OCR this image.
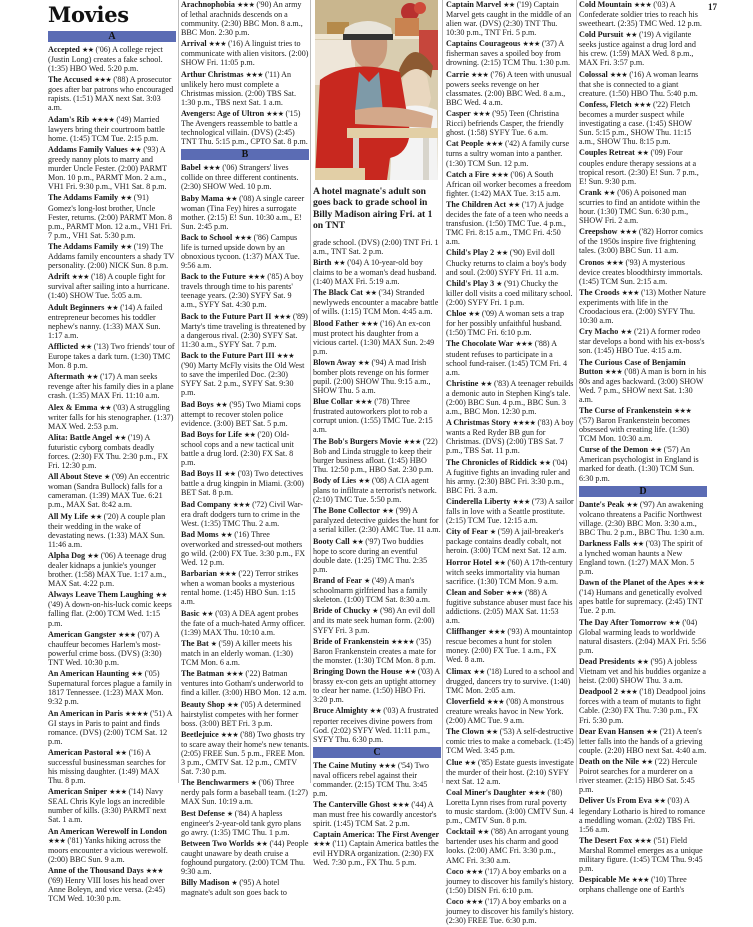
17
Movies
A
Accepted ★★ ('06) A college reject (Justin Long) creates a fake school. (1:35) HBO Wed. 5:20 p.m.
The Accused ★★★ ('88) A prosecutor goes after bar patrons who encouraged rapists. (1:51) MAX next Sat. 3:03 a.m.
Adam's Rib ★★★★ ('49) Married lawyers bring their courtroom battle home. (1:45) TCM Tue. 2:15 p.m.
Addams Family Values ★★ ('93) A greedy nanny plots to marry and murder Uncle Fester. (2:00) PARMT Mon. 10 p.m., PARMT Mon. 2 a.m., VH1 Fri. 9:30 p.m., VH1 Sat. 8 p.m.
The Addams Family ★★ ('91) Gomez's long-lost brother, Uncle Fester, returns. (2:00) PARMT Mon. 8 p.m., PARMT Mon. 12 a.m., VH1 Fri. 7 p.m., VH1 Sat. 5:30 p.m.
The Addams Family ★★ ('19) The Addams family encounters a shady TV personality. (2:00) NICK Sun. 8 p.m.
Adrift ★★★ ('18) A couple fight for survival after sailing into a hurricane. (1:40) SHOW Tue. 5:05 a.m.
Adult Beginners ★★ ('14) A failed entrepreneur becomes his toddler nephew's nanny. (1:33) MAX Sun. 1:17 a.m.
Afflicted ★★ ('13) Two friends' tour of Europe takes a dark turn. (1:30) TMC Mon. 8 p.m.
Aftermath ★★ ('17) A man seeks revenge after his family dies in a plane crash. (1:35) MAX Fri. 11:10 a.m.
Alex & Emma ★★ ('03) A struggling writer falls for his stenographer. (1:37) MAX Wed. 2:53 p.m.
Alita: Battle Angel ★★ ('19) A futuristic cyborg combats deadly forces. (2:30) FX Thu. 2:30 p.m., FX Fri. 12:30 p.m.
All About Steve ★ ('09) An eccentric woman (Sandra Bullock) falls for a cameraman. (1:39) MAX Tue. 6:21 p.m., MAX Sat. 8:42 a.m.
All My Life ★★ ('20) A couple plan their wedding in the wake of devastating news. (1:33) MAX Sun. 11:46 a.m.
Alpha Dog ★★ ('06) A teenage drug dealer kidnaps a junkie's younger brother. (1:58) MAX Tue. 1:17 a.m., MAX Sat. 4:22 p.m.
Always Leave Them Laughing ★★ ('49) A down-on-his-luck comic keeps falling flat. (2:00) TCM Wed. 1:15 p.m.
American Gangster ★★★ ('07) A chauffeur becomes Harlem's most-powerful crime boss. (DVS) (3:30) TNT Wed. 10:30 p.m.
An American Haunting ★★ ('05) Supernatural forces plague a family in 1817 Tennessee. (1:23) MAX Mon. 9:32 p.m.
An American in Paris ★★★★ ('51) A GI stays in Paris to paint and finds romance. (DVS) (2:00) TCM Sat. 12 p.m.
American Pastoral ★★ ('16) A successful businessman searches for his missing daughter. (1:49) MAX Thu. 8 p.m.
American Sniper ★★★ ('14) Navy SEAL Chris Kyle logs an incredible number of kills. (3:30) PARMT next Sat. 1 a.m.
An American Werewolf in London ★★★ ('81) Yanks hiking across the moors encounter a vicious werewolf. (2:00) BBC Sun. 9 a.m.
Anne of the Thousand Days ★★★ ('69) Henry VIII loses his head over Anne Boleyn, and vice versa. (2:45) TCM Wed. 10:30 p.m.
Arachnophobia ★★★ ('90) An army of lethal arachnids descends on a community. (2:30) BBC Mon. 8 a.m., BBC Mon. 2:30 p.m.
Arrival ★★★ ('16) A linguist tries to communicate with alien visitors. (2:00) SHOW Fri. 11:05 p.m.
Arthur Christmas ★★★ ('11) An unlikely hero must complete a Christmas mission. (2:00) TBS Sat. 1:30 p.m., TBS next Sat. 1 a.m.
Avengers: Age of Ultron ★★★ ('15) The Avengers reassemble to battle a technological villain. (DVS) (2:45) TNT Thu. 5:15 p.m., CPTO Sat. 8 p.m.
B
Babel ★★★ ('06) Strangers' lives collide on three different continents. (2:30) SHOW Wed. 10 p.m.
Baby Mama ★★ ('08) A single career woman (Tina Fey) hires a surrogate mother. (2:15) E! Sun. 10:30 a.m., E! Sun. 2:45 p.m.
Back to School ★★★ ('86) Campus life is turned upside down by an obnoxious tycoon. (1:37) MAX Tue. 9:56 a.m.
Back to the Future ★★★ ('85) A boy travels through time to his parents' teenage years. (2:30) SYFY Sat. 9 a.m., SYFY Sat. 4:30 p.m.
Back to the Future Part II ★★★ ('89) Marty's time traveling is threatened by a dangerous rival. (2:30) SYFY Sat. 11:30 a.m., SYFY Sat. 7 p.m.
Back to the Future Part III ★★★ ('90) Marty McFly visits the Old West to save the imperiled Doc. (2:30) SYFY Sat. 2 p.m., SYFY Sat. 9:30 p.m.
Bad Boys ★★ ('95) Two Miami cops attempt to recover stolen police evidence. (3:00) BET Sat. 5 p.m.
Bad Boys for Life ★★ ('20) Old-school cops and a new tactical unit battle a drug lord. (2:30) FX Sat. 8 p.m.
Bad Boys II ★★ ('03) Two detectives battle a drug kingpin in Miami. (3:00) BET Sat. 8 p.m.
Bad Company ★★★ ('72) Civil War-era draft dodgers turn to crime in the West. (1:35) TMC Thu. 2 a.m.
Bad Moms ★★ ('16) Three overworked and stressed-out mothers go wild. (2:00) FX Tue. 3:30 p.m., FX Wed. 12 p.m.
Barbarian ★★★ ('22) Terror strikes when a woman books a mysterious rental home. (1:45) HBO Sun. 1:15 a.m.
Basic ★★ ('03) A DEA agent probes the fate of a much-hated Army officer. (1:39) MAX Thu. 10:10 a.m.
The Bat ★ ('59) A killer meets his match in an elderly woman. (1:30) TCM Mon. 6 a.m.
The Batman ★★★ ('22) Batman ventures into Gotham's underworld to find a killer. (3:00) HBO Mon. 12 a.m.
Beauty Shop ★★ ('05) A determined hairstylist competes with her former boss. (3:00) BET Fri. 3 p.m.
Beetlejuice ★★★ ('88) Two ghosts try to scare away their home's new tenants. (2:05) FREE Sun. 5 p.m., FREE Mon. 3 p.m., CMTV Sat. 12 p.m., CMTV Sat. 7:30 p.m.
The Benchwarmers ★ ('06) Three nerdy pals form a baseball team. (1:27) MAX Sun. 10:19 a.m.
Best Defense ★ ('84) A hapless engineer's 2-year-old tank gyro plans go awry. (1:35) TMC Thu. 1 p.m.
Between Two Worlds ★★ ('44) People caught unaware by death cruise a foghound purgatory. (2:00) TCM Thu. 9:30 a.m.
Billy Madison ★ ('95) A hotel magnate's adult son goes back to
A hotel magnate's adult son goes back to grade school in Billy Madison airing Fri. at 1 on TNT
grade school. (DVS) (2:00) TNT Fri. 1 a.m., TNT Sat. 2 p.m.
Birth ★★ ('04) A 10-year-old boy claims to be a woman's dead husband. (1:40) MAX Fri. 5:19 a.m.
The Black Cat ★★ ('34) Stranded newlyweds encounter a macabre battle of wills. (1:15) TCM Mon. 4:45 a.m.
Blood Father ★★★ ('16) An ex-con must protect his daughter from a vicious cartel. (1:30) MAX Sun. 2:49 p.m.
Blown Away ★★ ('94) A mad Irish bomber plots revenge on his former pupil. (2:00) SHOW Thu. 9:15 a.m., SHOW Thu. 5 a.m.
Blue Collar ★★★ ('78) Three frustrated autoworkers plot to rob a corrupt union. (1:55) TMC Tue. 2:15 a.m.
The Bob's Burgers Movie ★★★ ('22) Bob and Linda struggle to keep their burger business afloat. (1:45) HBO Thu. 12:50 p.m., HBO Sat. 2:30 p.m.
Body of Lies ★★ ('08) A CIA agent plans to infiltrate a terrorist's network. (2:10) TMC Tue. 5:50 p.m.
The Bone Collector ★★ ('99) A paralyzed detective guides the hunt for a serial killer. (2:30) AMC Tue. 11 a.m.
Booty Call ★★ ('97) Two buddies hope to score during an eventful double date. (1:25) TMC Thu. 2:35 p.m.
Brand of Fear ★ ('49) A man's schoolmarm girlfriend has a family skeleton. (1:00) TCM Sat. 8:30 a.m.
Bride of Chucky ★ ('98) An evil doll and its mate seek human form. (2:00) SYFY Fri. 3 p.m.
Bride of Frankenstein ★★★★ ('35) Baron Frankenstein creates a mate for the monster. (1:30) TCM Mon. 8 p.m.
Bringing Down the House ★★ ('03) A brassy ex-con gets an uptight attorney to clear her name. (1:50) HBO Fri. 3:20 p.m.
Bruce Almighty ★★ ('03) A frustrated reporter receives divine powers from God. (2:02) SYFY Wed. 11:11 p.m., SYFY Thu. 6:30 p.m.
C
The Caine Mutiny ★★★ ('54) Two naval officers rebel against their commander. (2:15) TCM Thu. 3:45 p.m.
The Canterville Ghost ★★★ ('44) A man must free his cowardly ancestor's spirit. (1:45) TCM Sat. 2 p.m.
Captain America: The First Avenger ★★★ ('11) Captain America battles the evil HYDRA organization. (2:30) FX Wed. 7:30 p.m., FX Thu. 5 p.m.
Captain Marvel ★★ ('19) Captain Marvel gets caught in the middle of an alien war. (DVS) (2:30) TNT Thu. 10:30 p.m., TNT Fri. 5 p.m.
Captains Courageous ★★★ ('37) A fisherman saves a spoiled boy from drowning. (2:15) TCM Thu. 1:30 p.m.
Carrie ★★★ ('76) A teen with unusual powers seeks revenge on her classmates. (2:00) BBC Wed. 8 a.m., BBC Wed. 4 a.m.
Casper ★★★ ('95) Teen (Christina Ricci) befriends Casper, the friendly ghost. (1:58) SYFY Tue. 6 a.m.
Cat People ★★★ ('42) A family curse turns a sultry woman into a panther. (1:30) TCM Sun. 12 p.m.
Catch a Fire ★★★ ('06) A South African oil worker becomes a freedom fighter. (1:42) MAX Tue. 3:15 a.m.
The Children Act ★★ ('17) A judge decides the fate of a teen who needs a transfusion. (1:50) TMC Tue. 4 p.m., TMC Fri. 8:15 a.m., TMC Fri. 4:50 a.m.
Child's Play 2 ★★ ('90) Evil doll Chucky returns to claim a boy's body and soul. (2:00) SYFY Fri. 11 a.m.
Child's Play 3 ★ ('91) Chucky the killer doll visits a coed military school. (2:00) SYFY Fri. 1 p.m.
Chloe ★★ ('09) A woman sets a trap for her possibly unfaithful husband. (1:50) TMC Fri. 6:10 p.m.
The Chocolate War ★★★ ('88) A student refuses to participate in a school fund-raiser. (1:45) TCM Fri. 4 a.m.
Christine ★★ ('83) A teenager rebuilds a demonic auto in Stephen King's tale. (2:00) BBC Sun. 4 p.m., BBC Sun. 3 a.m., BBC Mon. 12:30 p.m.
A Christmas Story ★★★★ ('83) A boy wants a Red Ryder BB gun for Christmas. (DVS) (2:00) TBS Sat. 7 p.m., TBS Sat. 11 p.m.
The Chronicles of Riddick ★★ ('04) A fugitive fights an invading ruler and his army. (2:30) BBC Fri. 3:30 p.m., BBC Fri. 3 a.m.
Cinderella Liberty ★★★ ('73) A sailor falls in love with a Seattle prostitute. (2:15) TCM Tue. 12:15 a.m.
City of Fear ★ ('59) A jail-breaker's package contains deadly cobalt, not heroin. (3:00) TCM next Sat. 12 a.m.
Horror Hotel ★★ ('60) A 17th-century witch seeks immortality via human sacrifice. (1:30) TCM Mon. 9 a.m.
Clean and Sober ★★★ ('88) A fugitive substance abuser must face his addictions. (2:05) MAX Sat. 11:53 a.m.
Cliffhanger ★★★ ('93) A mountaintop rescue becomes a hunt for stolen money. (2:00) FX Tue. 1 a.m., FX Wed. 8 a.m.
Climax ★★ ('18) Lured to a school and drugged, dancers try to survive. (1:40) TMC Mon. 2:05 a.m.
Cloverfield ★★★ ('08) A monstrous creature wreaks havoc in New York. (2:00) AMC Tue. 9 a.m.
The Clown ★★ ('53) A self-destructive comic tries to make a comeback. (1:45) TCM Wed. 3:45 p.m.
Clue ★★ ('85) Estate guests investigate the murder of their host. (2:10) SYFY next Sat. 12 a.m.
Coal Miner's Daughter ★★★ ('80) Loretta Lynn rises from rural poverty to music stardom. (3:00) CMTV Sun. 4 p.m., CMTV Sun. 8 p.m.
Cocktail ★★ ('88) An arrogant young bartender uses his charm and good looks. (2:00) AMC Fri. 3:30 p.m., AMC Fri. 3:30 a.m.
Coco ★★★ ('17) A boy embarks on a journey to discover his family's history. (1:50) DISN Fri. 6:10 p.m.
Coco ★★★ ('17) A boy embarks on a journey to discover his family's history. (2:30) FREE Tue. 6:30 p.m.
Cold Mountain ★★★ ('03) A Confederate soldier tries to reach his sweetheart. (2:35) TMC Wed. 12 p.m.
Cold Pursuit ★★ ('19) A vigilante seeks justice against a drug lord and his crew. (1:59) MAX Wed. 8 p.m., MAX Fri. 3:57 p.m.
Colossal ★★★ ('16) A woman learns that she is connected to a giant creature. (1:50) HBO Thu. 5:40 p.m.
Confess, Fletch ★★★ ('22) Fletch becomes a murder suspect while investigating a case. (1:45) SHOW Sun. 5:15 p.m., SHOW Thu. 11:15 a.m., SHOW Thu. 8:15 p.m.
Couples Retreat ★★ ('09) Four couples endure therapy sessions at a tropical resort. (2:30) E! Sun. 7 p.m., E! Sun. 9:30 p.m.
Crank ★★ ('06) A poisoned man scurries to find an antidote within the hour. (1:30) TMC Sun. 6:30 p.m., SHOW Fri. 2 a.m.
Creepshow ★★★ ('82) Horror comics of the 1950s inspire five frightening tales. (3:00) BBC Sun. 11 a.m.
Cronos ★★★ ('93) A mysterious device creates bloodthirsty immortals. (1:45) TCM Sun. 2:15 a.m.
The Croods ★★★ ('13) Mother Nature experiments with life in the Croodacious era. (2:00) SYFY Thu. 10:30 a.m.
Cry Macho ★★ ('21) A former rodeo star develops a bond with his ex-boss's son. (1:45) HBO Tue. 4:15 a.m.
The Curious Case of Benjamin Button ★★★ ('08) A man is born in his 80s and ages backward. (3:00) SHOW Wed. 7 p.m., SHOW next Sat. 1:30 a.m.
The Curse of Frankenstein ★★★ ('57) Baron Frankenstein becomes obsessed with creating life. (1:30) TCM Mon. 10:30 a.m.
Curse of the Demon ★★ ('57) An American psychologist in England is marked for death. (1:30) TCM Sun. 6:30 p.m.
D
Dante's Peak ★★ ('97) An awakening volcano threatens a Pacific Northwest village. (2:30) BBC Mon. 3:30 a.m., BBC Thu. 2 p.m., BBC Thu. 1:30 a.m.
Darkness Falls ★★ ('03) The spirit of a lynched woman haunts a New England town. (1:27) MAX Mon. 5 p.m.
Dawn of the Planet of the Apes ★★★ ('14) Humans and genetically evolved apes battle for supremacy. (2:45) TNT Tue. 2 p.m.
The Day After Tomorrow ★★ ('04) Global warming leads to worldwide natural disasters. (2:04) MAX Fri. 5:56 p.m.
Dead Presidents ★★ ('95) A jobless Vietnam vet and his buddies organize a heist. (2:00) SHOW Thu. 3 a.m.
Deadpool 2 ★★★ ('18) Deadpool joins forces with a team of mutants to fight Cable. (2:30) FX Thu. 7:30 p.m., FX Fri. 5:30 p.m.
Dear Evan Hansen ★★ ('21) A teen's letter falls into the hands of a grieving couple. (2:20) HBO next Sat. 4:40 a.m.
Death on the Nile ★★ ('22) Hercule Poirot searches for a murderer on a river steamer. (2:15) HBO Sat. 5:45 p.m.
Deliver Us From Eva ★★ ('03) A legendary Lothario is hired to romance a meddling woman. (2:02) TBS Fri. 1:56 a.m.
The Desert Fox ★★★ ('51) Field Marshal Rommel emerges as a unique military figure. (1:45) TCM Thu. 9:45 p.m.
Despicable Me ★★★ ('10) Three orphans challenge one of Earth's
